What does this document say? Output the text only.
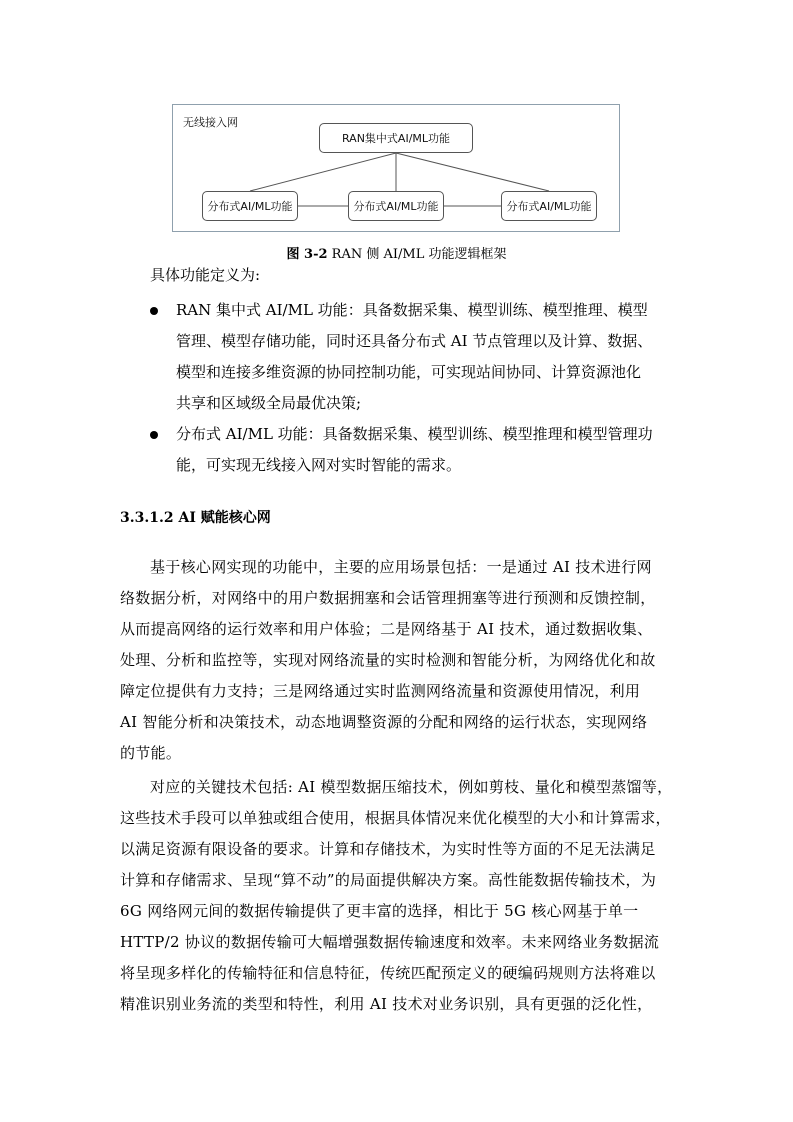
无线接入网
RAN集中式AI/ML功能
分布式AI/ML功能	分布式AI/ML功能	分布式AI/ML功能
图 3-2 RAN 侧 AI/ML 功能逻辑框架
具体功能定义为:
RAN 集中式 AI/ML 功能：具备数据采集、模型训练、模型推理、模型
管理、模型存储功能，同时还具备分布式 AI 节点管理以及计算、数据、
模型和连接多维资源的协同控制功能，可实现站间协同、计算资源池化
共享和区域级全局最优决策;
分布式 AI/ML 功能：具备数据采集、模型训练、模型推理和模型管理功
能，可实现无线接入网对实时智能的需求。
3.3.1.2 AI 赋能核心网
基于核心网实现的功能中，主要的应用场景包括：一是通过 AI 技术进行网
络数据分析，对网络中的用户数据拥塞和会话管理拥塞等进行预测和反馈控制，
从而提高网络的运行效率和用户体验；二是网络基于 AI 技术，通过数据收集、
处理、分析和监控等，实现对网络流量的实时检测和智能分析，为网络优化和故
障定位提供有力支持；三是网络通过实时监测网络流量和资源使用情况，利用
AI 智能分析和决策技术，动态地调整资源的分配和网络的运行状态，实现网络
的节能。
对应的关键技术包括: AI 模型数据压缩技术，例如剪枝、量化和模型蒸馏等，
这些技术手段可以单独或组合使用，根据具体情况来优化模型的大小和计算需求，
以满足资源有限设备的要求。计算和存储技术，为实时性等方面的不足无法满足
计算和存储需求、呈现“算不动”的局面提供解决方案。高性能数据传输技术，为
6G 网络网元间的数据传输提供了更丰富的选择，相比于 5G 核心网基于单一
HTTP/2 协议的数据传输可大幅增强数据传输速度和效率。未来网络业务数据流
将呈现多样化的传输特征和信息特征，传统匹配预定义的硬编码规则方法将难以
精准识别业务流的类型和特性，利用 AI 技术对业务识别，具有更强的泛化性，
